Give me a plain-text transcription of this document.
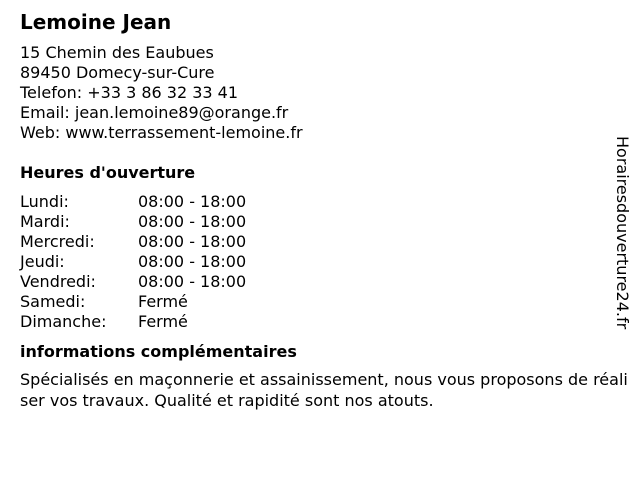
Lemoine Jean
15 Chemin des Eaubues
89450 Domecy-sur-Cure
Telefon: +33 3 86 32 33 41
Email: jean.lemoine89@orange.fr
Web: www.terrassement-lemoine.fr
Heures d'ouverture
Lundi:	08:00 - 18:00
Mardi:	08:00 - 18:00
Mercredi:	08:00 - 18:00
Jeudi:	08:00 - 18:00
Vendredi:	08:00 - 18:00
Samedi:	Fermé
Dimanche:	Fermé
informations complémentaires

Spécialisés en maçonnerie et assainissement, nous vous proposons de réaliser vos travaux. Qualité et rapidité sont nos atouts.

Horairesdouverture24.fr
